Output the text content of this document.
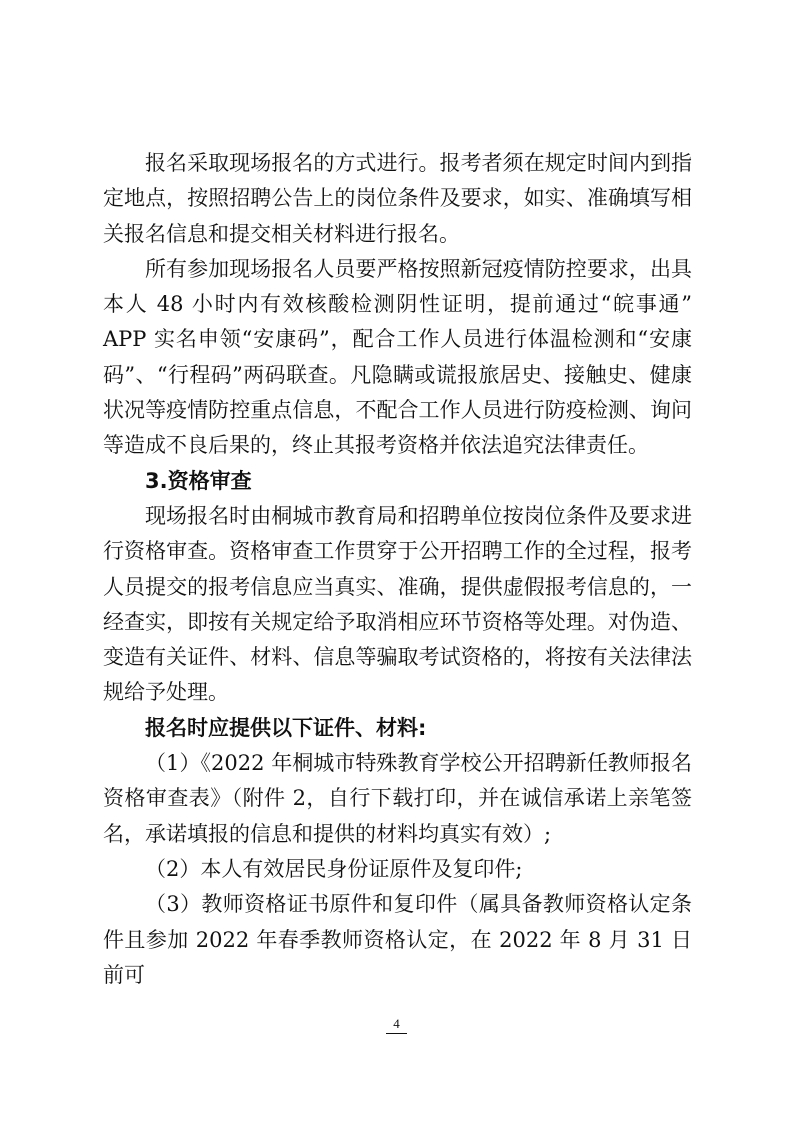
报名采取现场报名的方式进行。报考者须在规定时间内到指定地点，按照招聘公告上的岗位条件及要求，如实、准确填写相关报名信息和提交相关材料进行报名。

所有参加现场报名人员要严格按照新冠疫情防控要求，出具本人 48 小时内有效核酸检测阴性证明，提前通过“皖事通” APP 实名申领“安康码”，配合工作人员进行体温检测和“安康码”、“行程码”两码联查。凡隐瞒或谎报旅居史、接触史、健康状况等疫情防控重点信息，不配合工作人员进行防疫检测、询问等造成不良后果的，终止其报考资格并依法追究法律责任。

3.资格审查

现场报名时由桐城市教育局和招聘单位按岗位条件及要求进行资格审查。资格审查工作贯穿于公开招聘工作的全过程，报考人员提交的报考信息应当真实、准确，提供虚假报考信息的，一经查实，即按有关规定给予取消相应环节资格等处理。对伪造、变造有关证件、材料、信息等骗取考试资格的，将按有关法律法规给予处理。

报名时应提供以下证件、材料:

（1）《2022 年桐城市特殊教育学校公开招聘新任教师报名资格审查表》（附件 2，自行下载打印，并在诚信承诺上亲笔签名，承诺填报的信息和提供的材料均真实有效）;

（2）本人有效居民身份证原件及复印件;

（3）教师资格证书原件和复印件（属具备教师资格认定条件且参加 2022 年春季教师资格认定，在 2022 年 8 月 31 日前可

4
